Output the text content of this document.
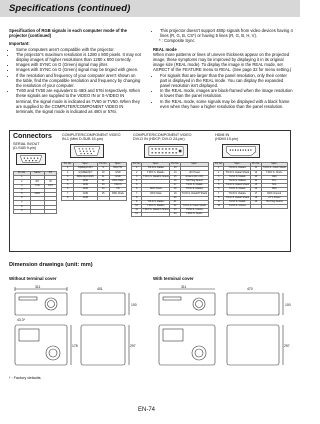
Specifications (continued)

Specification of RGB signals in each computer mode of the projector (continued)

Important:

• Some computers aren't compatible with the projector.
• The projector's maximum resolution is 1280 x 800 pixels. It may not display images of higher resolutions than 1280 x 800 correctly.
• Images with SYNC on G (Green) signal may jitter.
• Images with SYNC on G (Green) signal may be tinged with green.
• If the resolution and frequency of your computer aren't shown on the table, find the compatible resolution and frequency by changing the resolution of your computer.
• TV60 and TV50 are equivalent to 480i and 576i respectively. When these signals are supplied to the VIDEO IN or S-VIDEO IN terminal, the signal mode is indicated as TV60 or TV50. When they are supplied to the COMPUTER/COMPONENT VIDEO IN terminals, the signal mode is indicated as 480i or 576i.
• This projector doesn't support 480p signals from video devices having 4 lines (R, G, B, CS*) or having 5 lines (R, G, B, H, V).

* : Composite Sync

REAL mode

When more patterns or lines of uneven thickness appear on the projected image, these symptoms may be improved by displaying it in its original image size (REAL mode). To display the image in the REAL mode, set ASPECT of the FEATURE menu to REAL. (See page 32 for menu setting.)

• For signals that are larger than the panel resolution, only their center part is displayed in the REAL mode. You can display the expanded panel resolution isn't displayed.
• In the REAL mode, images are black-framed when the image resolution is lower than the panel resolution.
• In the REAL mode, some signals may be displayed with a black frame even when they have a higher resolution than the panel resolution.
Connectors
SERIAL IN/OUT
(D-SUB 9-pin)
COMPUTER/COMPONENT VIDEO
IN-1 (Mini D-SUB 15-pin)
COMPUTER/COMPONENT VIDEO
DVI-D IN (HDCP, DVI-D 24-pin)
HDMI IN
(HDMI 19-pin)
Pin No.	Name	I/O
1		
2	RX	IN
3	TXD	OUT
4		
5	GND	
6		
7		
8		
9		
Pin No.	Spec.	Pin No.	Spec.
1	R(RED)/Cr/Pr	9	DDC 5V
2	G(GREEN)/Y	10	GND
3	B(BLUE)/Cb/Pb	11	GND
4	GND	12	DDC Data
5	GND	13	HD/CS
6	GND	14	VD
7	GND	15	DDC Clock
8	GND		
Pin No.	Spec.	Pin No.	Spec.
1	T.M.D.S. Data2-	13	
2	T.M.D.S. Data2+	14	+5V Power
3	T.M.D.S. Data2/4 Shield	15	Ground (for +5V)
4		16	Hot Plug Detect
5		17	T.M.D.S. Data0-
6	DDC Clock	18	T.M.D.S. Data0+
7	DDC Data	19	T.M.D.S. Data0/5 Shield
8		20	
9	T.M.D.S. Data1-	21	
10	T.M.D.S. Data1+	22	T.M.D.S. Clock Shield
11	T.M.D.S. Data1/3 Shield	23	T.M.D.S. Clock+
12		24	T.M.D.S. Clock-
Pin No.	Spec.	Pin No.	Spec.
1	T.M.D.S. Data2+	11	T.M.D.S. Clock Shield
2	T.M.D.S. Data2 Shield	12	T.M.D.S. Clock-
3	T.M.D.S. Data2-	13	CEC
4	T.M.D.S. Data1+	14	N.C.
5	T.M.D.S. Data1 Shield	15	SCL
6	T.M.D.S. Data1-	16	SDA
7	T.M.D.S. Data0+	17	DDC Ground
8	T.M.D.S. Data0 Shield	18	+5 V Power
9	T.M.D.S. Data0-	19	Hot Plug Detect
10	T.M.D.S. Clock+		
Dimension drawings (unit: mm)
Without terminal cover	With terminal cover
311	401
100
43.3*
178	297
311	470
100
297
* : Factory defaults
EN-74
